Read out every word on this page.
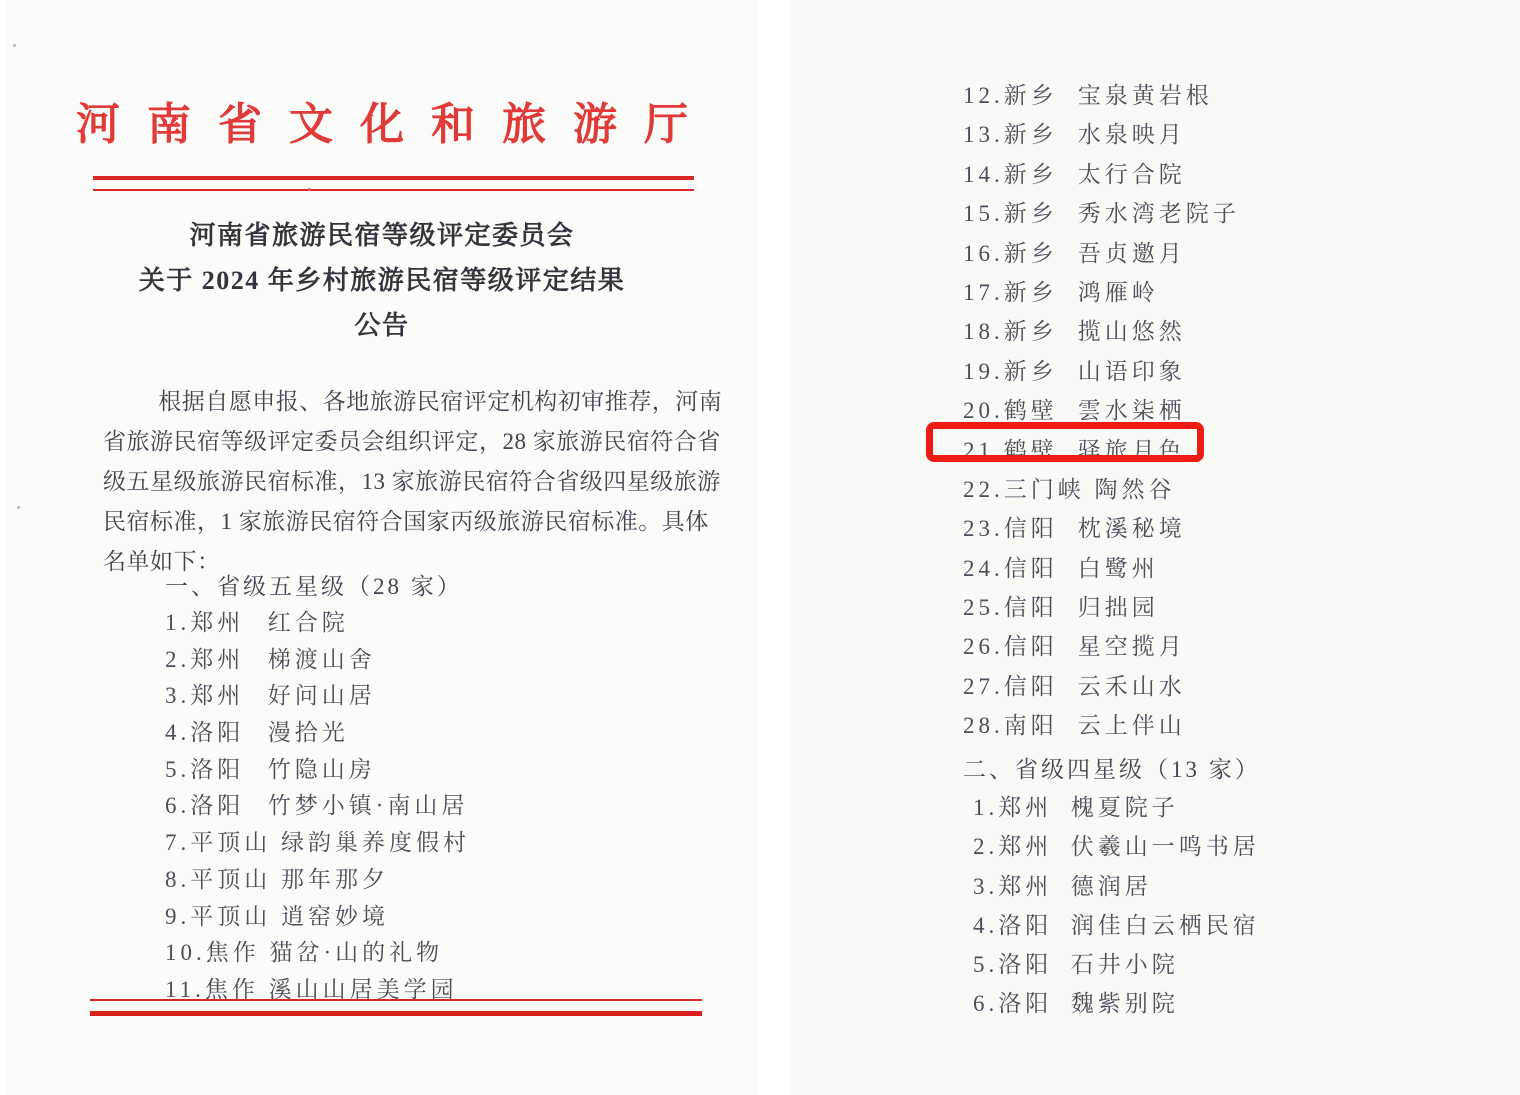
河南省文化和旅游厅
河南省旅游民宿等级评定委员会
关于 2024 年乡村旅游民宿等级评定结果
公告
根据自愿申报、各地旅游民宿评定机构初审推荐，河南
省旅游民宿等级评定委员会组织评定，28 家旅游民宿符合省
级五星级旅游民宿标准，13 家旅游民宿符合省级四星级旅游
民宿标准，1 家旅游民宿符合国家丙级旅游民宿标准。具体
名单如下：
一、省级五星级（28 家）
1.郑州 红合院
2.郑州 梯渡山舍
3.郑州 好问山居
4.洛阳 漫拾光
5.洛阳 竹隐山房
6.洛阳 竹梦小镇·南山居
7.平顶山 绿韵巢养度假村
8.平顶山 那年那夕
9.平顶山 逍窑妙境
10.焦作 猫岔·山的礼物
11.焦作 溪山山居美学园
12.新乡 宝泉黄岩根
13.新乡 水泉映月
14.新乡 太行合院
15.新乡 秀水湾老院子
16.新乡 吾贞邀月
17.新乡 鸿雁岭
18.新乡 揽山悠然
19.新乡 山语印象
20.鹤壁 雲水柒栖
21.鹤壁 驿旅月色
22.三门峡 陶然谷
23.信阳 枕溪秘境
24.信阳 白鹭州
25.信阳 归拙园
26.信阳 星空揽月
27.信阳 云禾山水
28.南阳 云上伴山
二、省级四星级（13 家）
1.郑州 槐夏院子
2.郑州 伏羲山一鸣书居
3.郑州 德润居
4.洛阳 润佳白云栖民宿
5.洛阳 石井小院
6.洛阳 魏紫别院
